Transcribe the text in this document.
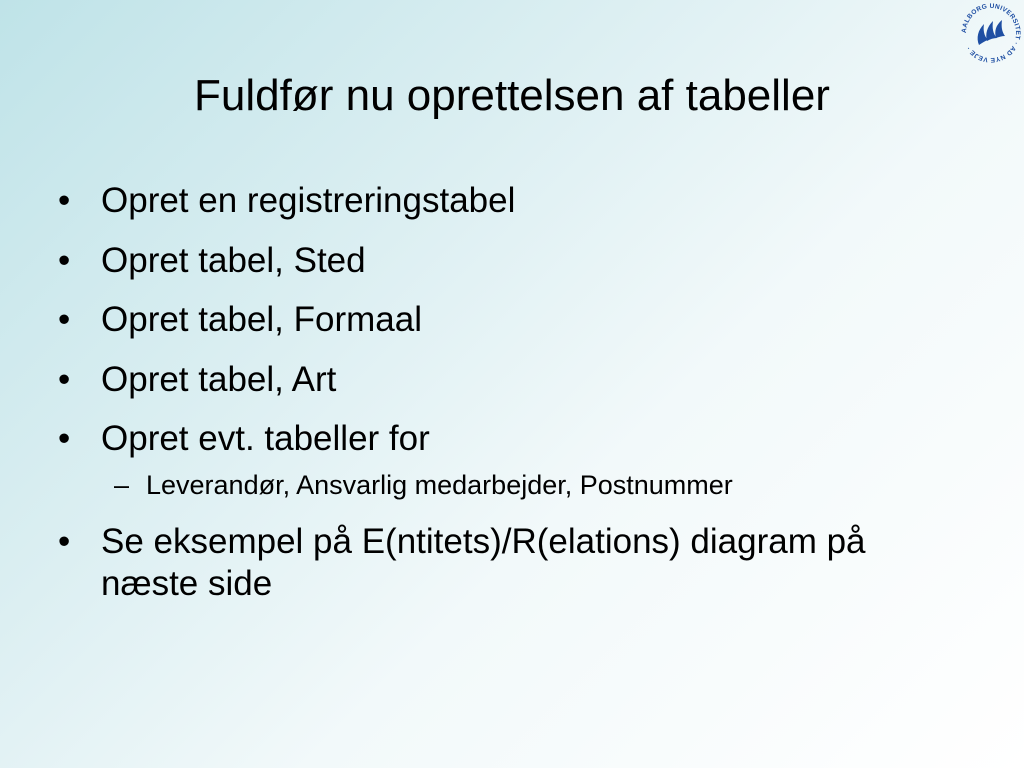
AALBORG UNIVERSITET · AD NYE VEJE ·
Fuldfør nu oprettelsen af tabeller
• Opret en registreringstabel
• Opret tabel, Sted
• Opret tabel, Formaal
• Opret tabel, Art
• Opret evt. tabeller for
– Leverandør, Ansvarlig medarbejder, Postnummer
• Se eksempel på E(ntitets)/R(elations) diagram på næste side
